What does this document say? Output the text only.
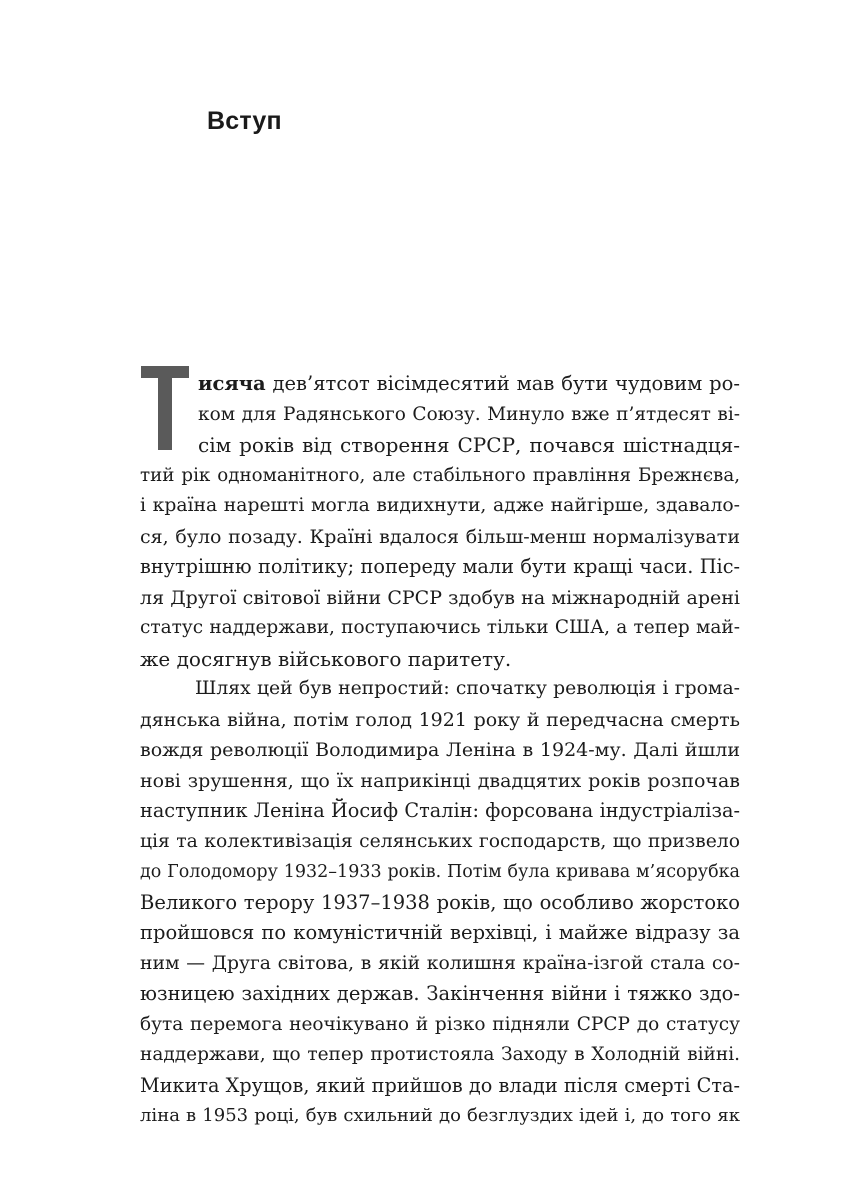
Вступ
исяча дев’ятсот вісімдесятий мав бути чудовим ро-
ком для Радянського Союзу. Минуло вже п’ятдесят ві-
сім років від створення СРСР, почався шістнадця-
тий рік одноманітного, але стабільного правління Брежнєва,
і країна нарешті могла видихнути, адже найгірше, здавало-
ся, було позаду. Країні вдалося більш-менш нормалізувати
внутрішню політику; попереду мали бути кращі часи. Піс-
ля Другої світової війни СРСР здобув на міжнародній арені
статус наддержави, поступаючись тільки США, а тепер май-
же досягнув військового паритету.
Шлях цей був непростий: спочатку революція і грома-
дянська війна, потім голод 1921 року й передчасна смерть
вождя революції Володимира Леніна в 1924-му. Далі йшли
нові зрушення, що їх наприкінці двадцятих років розпочав
наступник Леніна Йосиф Сталін: форсована індустріаліза-
ція та колективізація селянських господарств, що призвело
до Голодомору 1932–1933 років. Потім була кривава м’ясорубка
Великого терору 1937–1938 років, що особливо жорстоко
пройшовся по комуністичній верхівці, і майже відразу за
ним — Друга світова, в якій колишня країна-ізгой стала со-
юзницею західних держав. Закінчення війни і тяжко здо-
бута перемога неочікувано й різко підняли СРСР до статусу
наддержави, що тепер протистояла Заходу в Холодній війні.
Микита Хрущов, який прийшов до влади після смерті Ста-
ліна в 1953 році, був схильний до безглуздих ідей і, до того як
